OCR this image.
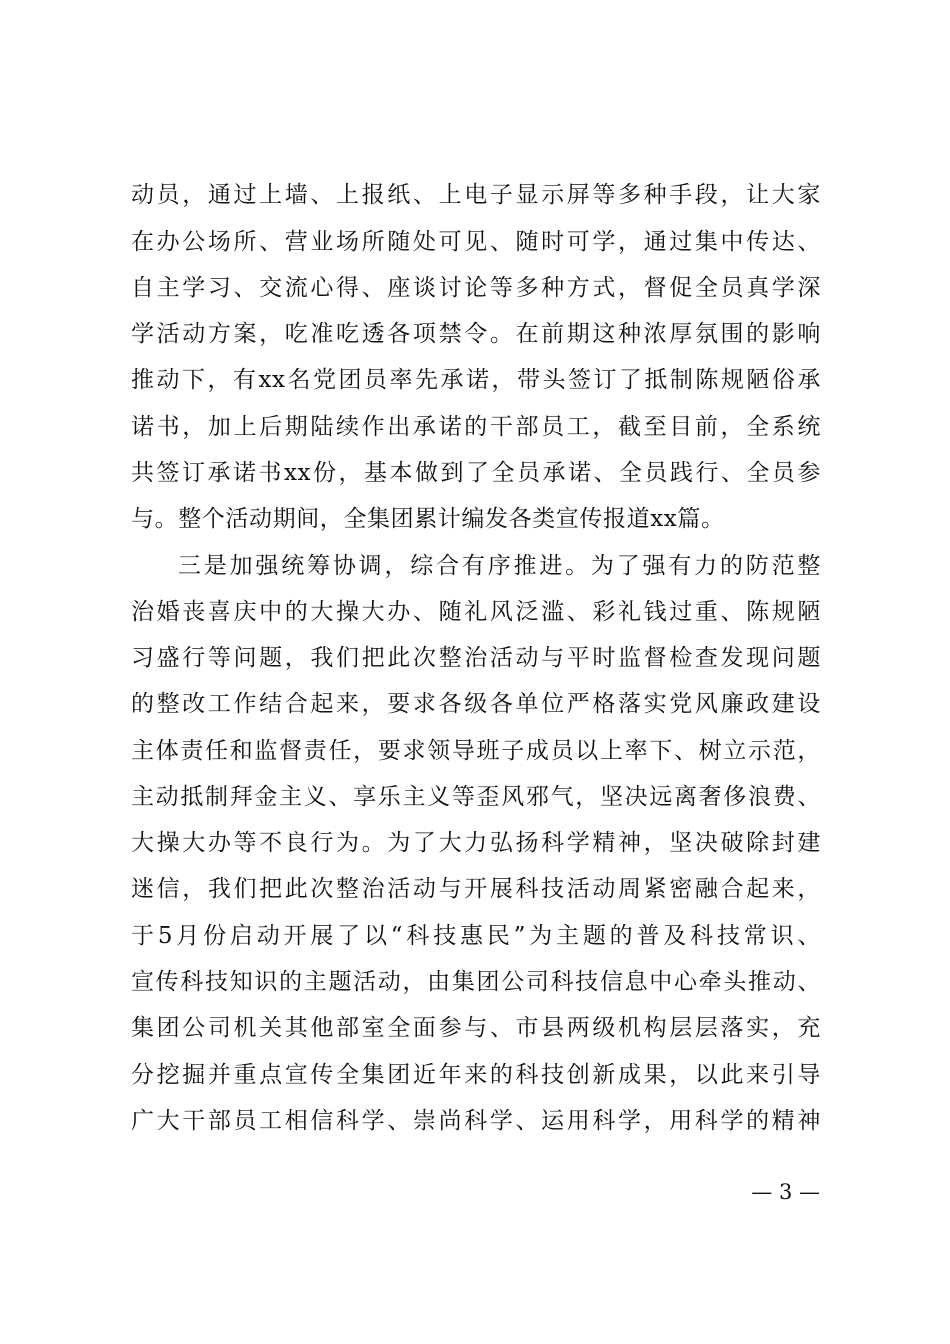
动员，通过上墙、上报纸、上电子显示屏等多种手段，让大家
在办公场所、营业场所随处可见、随时可学，通过集中传达、
自主学习、交流心得、座谈讨论等多种方式，督促全员真学深
学活动方案，吃准吃透各项禁令。在前期这种浓厚氛围的影响
推动下，有xx名党团员率先承诺，带头签订了抵制陈规陋俗承
诺书，加上后期陆续作出承诺的干部员工，截至目前，全系统
共签订承诺书xx份，基本做到了全员承诺、全员践行、全员参
与。整个活动期间，全集团累计编发各类宣传报道xx篇。
三是加强统筹协调，综合有序推进。为了强有力的防范整
治婚丧喜庆中的大操大办、随礼风泛滥、彩礼钱过重、陈规陋
习盛行等问题，我们把此次整治活动与平时监督检查发现问题
的整改工作结合起来，要求各级各单位严格落实党风廉政建设
主体责任和监督责任，要求领导班子成员以上率下、树立示范，
主动抵制拜金主义、享乐主义等歪风邪气，坚决远离奢侈浪费、
大操大办等不良行为。为了大力弘扬科学精神，坚决破除封建
迷信，我们把此次整治活动与开展科技活动周紧密融合起来，
于5月份启动开展了以“科技惠民”为主题的普及科技常识、
宣传科技知识的主题活动，由集团公司科技信息中心牵头推动、
集团公司机关其他部室全面参与、市县两级机构层层落实，充
分挖掘并重点宣传全集团近年来的科技创新成果，以此来引导
广大干部员工相信科学、崇尚科学、运用科学，用科学的精神
— 3 —
